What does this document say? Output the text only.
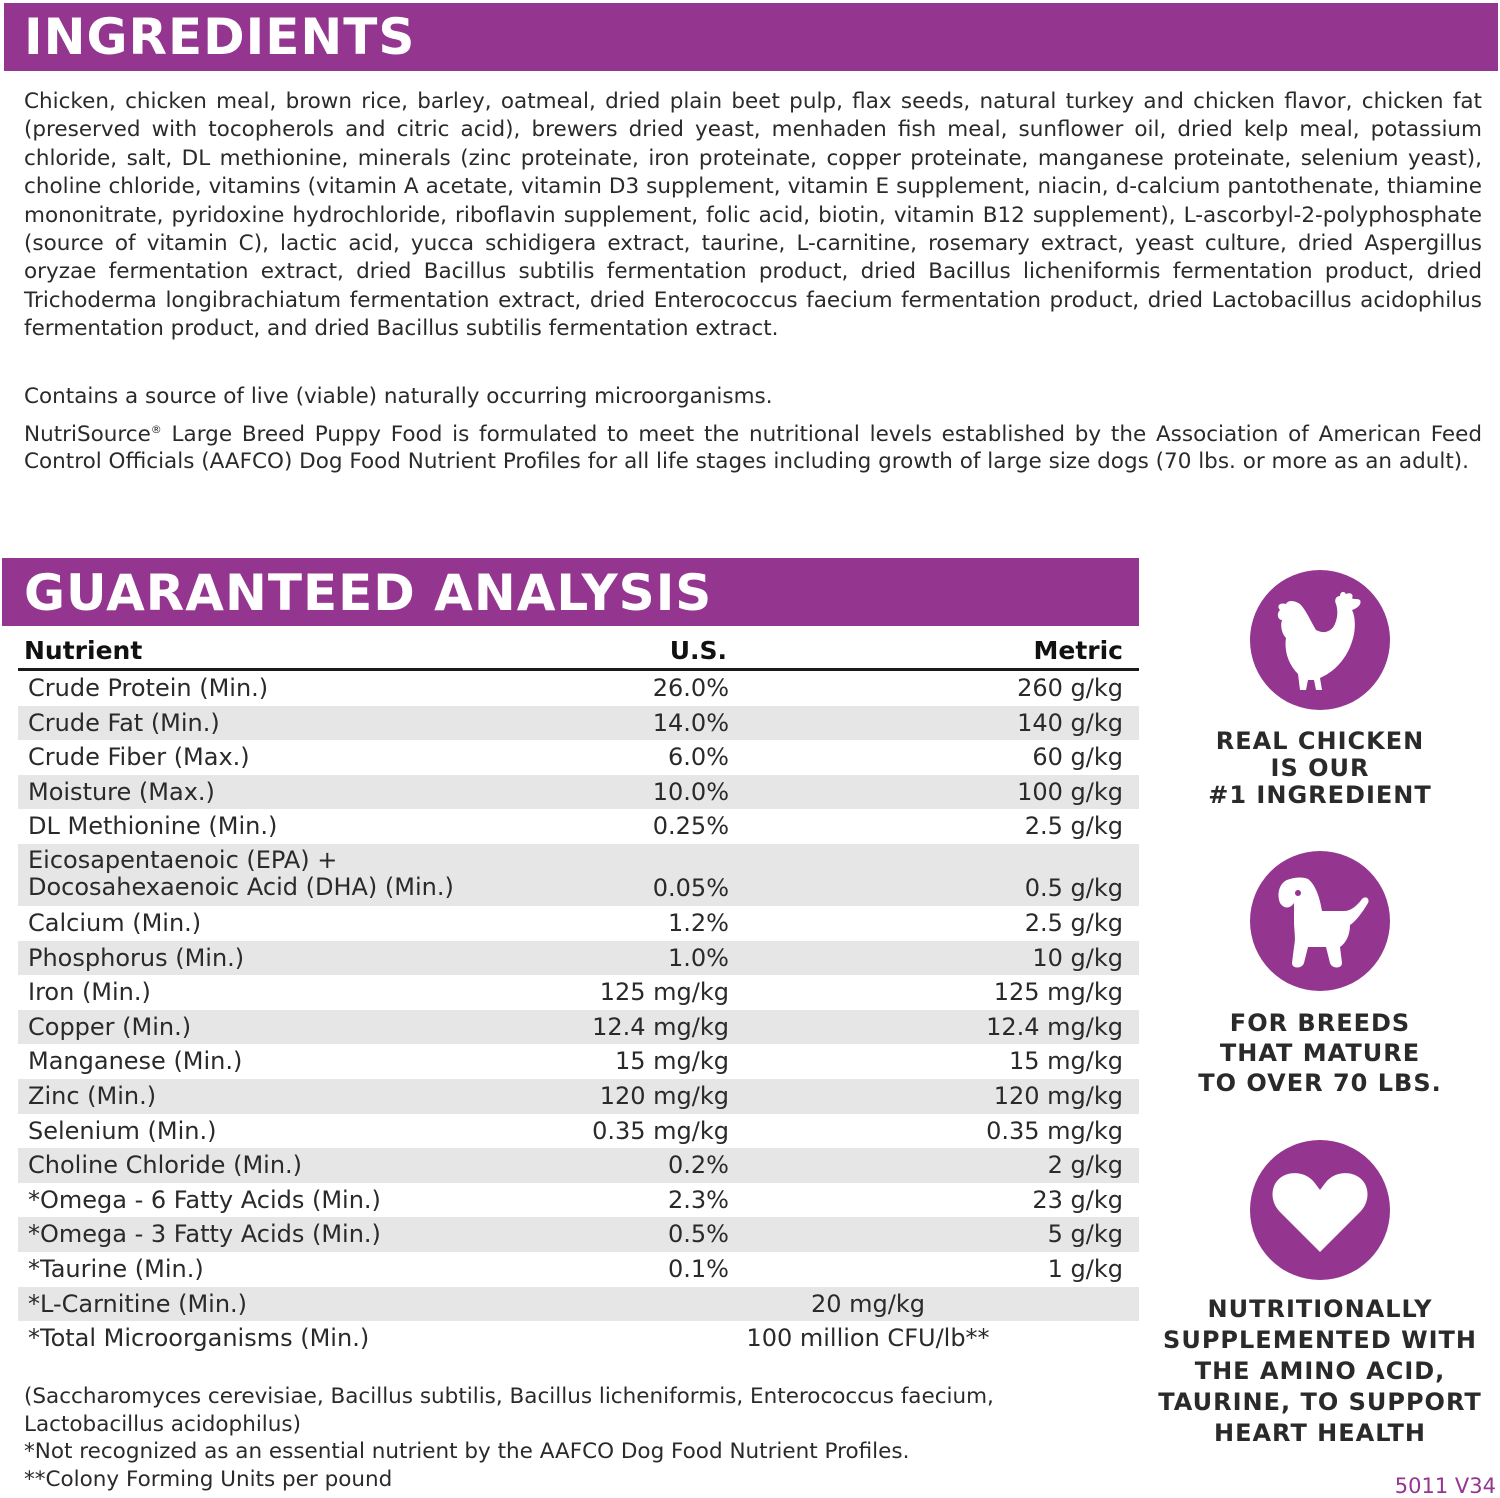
INGREDIENTS

Chicken, chicken meal, brown rice, barley, oatmeal, dried plain beet pulp, flax seeds, natural turkey and chicken flavor, chicken fat (preserved with tocopherols and citric acid), brewers dried yeast, menhaden fish meal, sunflower oil, dried kelp meal, potassium chloride, salt, DL methionine, minerals (zinc proteinate, iron proteinate, copper proteinate, manganese proteinate, selenium yeast), choline chloride, vitamins (vitamin A acetate, vitamin D3 supplement, vitamin E supplement, niacin, d-calcium pantothenate, thiamine mononitrate, pyridoxine hydrochloride, riboflavin supplement, folic acid, biotin, vitamin B12 supplement), L-ascorbyl-2-polyphosphate (source of vitamin C), lactic acid, yucca schidigera extract, taurine, L-carnitine, rosemary extract, yeast culture, dried Aspergillus oryzae fermentation extract, dried Bacillus subtilis fermentation product, dried Bacillus licheniformis fermentation product, dried Trichoderma longibrachiatum fermentation extract, dried Enterococcus faecium fermentation product, dried Lactobacillus acidophilus fermentation product, and dried Bacillus subtilis fermentation extract.

Contains a source of live (viable) naturally occurring microorganisms.

NutriSource® Large Breed Puppy Food is formulated to meet the nutritional levels established by the Association of American Feed Control Officials (AAFCO) Dog Food Nutrient Profiles for all life stages including growth of large size dogs (70 lbs. or more as an adult).

GUARANTEED ANALYSIS
Nutrient	U.S.	Metric
Crude Protein (Min.)	26.0%	260 g/kg
Crude Fat (Min.)	14.0%	140 g/kg
Crude Fiber (Max.)	6.0%	60 g/kg
Moisture (Max.)	10.0%	100 g/kg
DL Methionine (Min.)	0.25%	2.5 g/kg
Eicosapentaenoic (EPA) +
Docosahexaenoic Acid (DHA) (Min.)	0.05%	0.5 g/kg
Calcium (Min.)	1.2%	2.5 g/kg
Phosphorus (Min.)	1.0%	10 g/kg
Iron (Min.)	125 mg/kg	125 mg/kg
Copper (Min.)	12.4 mg/kg	12.4 mg/kg
Manganese (Min.)	15 mg/kg	15 mg/kg
Zinc (Min.)	120 mg/kg	120 mg/kg
Selenium (Min.)	0.35 mg/kg	0.35 mg/kg
Choline Chloride (Min.)	0.2%	2 g/kg
*Omega - 6 Fatty Acids (Min.)	2.3%	23 g/kg
*Omega - 3 Fatty Acids (Min.)	0.5%	5 g/kg
*Taurine (Min.)	0.1%	1 g/kg
*L-Carnitine (Min.)	20 mg/kg
*Total Microorganisms (Min.)	100 million CFU/lb**

(Saccharomyces cerevisiae, Bacillus subtilis, Bacillus licheniformis, Enterococcus faecium, Lactobacillus acidophilus)

*Not recognized as an essential nutrient by the AAFCO Dog Food Nutrient Profiles.

**Colony Forming Units per pound

REAL CHICKEN
IS OUR
#1 INGREDIENT
FOR BREEDS
THAT MATURE
TO OVER 70 LBS.
NUTRITIONALLY
SUPPLEMENTED WITH
THE AMINO ACID,
TAURINE, TO SUPPORT
HEART HEALTH

5011 V34
